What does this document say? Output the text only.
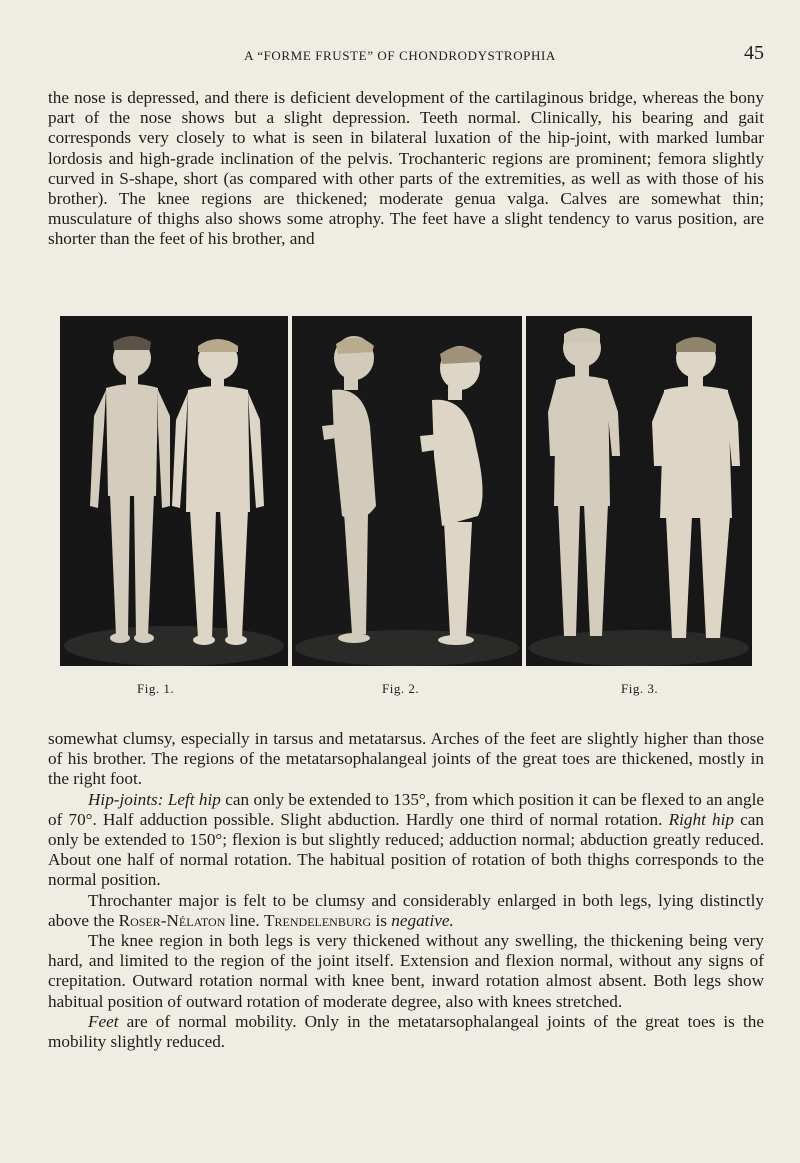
A “FORME FRUSTE” OF CHONDRODYSTROPHIA	45

the nose is depressed, and there is deficient development of the cartilaginous bridge, whereas the bony part of the nose shows but a slight depression. Teeth normal. Clinically, his bearing and gait corresponds very closely to what is seen in bilateral luxation of the hip-joint, with marked lumbar lordosis and high-grade inclination of the pelvis. Trochanteric regions are prominent; femora slightly curved in S-shape, short (as compared with other parts of the extremities, as well as with those of his brother). The knee regions are thickened; moderate genua valga. Calves are somewhat thin; musculature of thighs also shows some atrophy. The feet have a slight tendency to varus position, are shorter than the feet of his brother, and

Fig. 1.	Fig. 2.	Fig. 3.

somewhat clumsy, especially in tarsus and metatarsus. Arches of the feet are slightly higher than those of his brother. The regions of the metatarsophalangeal joints of the great toes are thickened, mostly in the right foot.

Hip-joints: Left hip can only be extended to 135°, from which position it can be flexed to an angle of 70°. Half adduction possible. Slight abduction. Hardly one third of normal rotation. Right hip can only be extended to 150°; flexion is but slightly reduced; adduction normal; abduction greatly reduced. About one half of normal rotation. The habitual position of rotation of both thighs corresponds to the normal position.

Throchanter major is felt to be clumsy and considerably enlarged in both legs, lying distinctly above the Roser-Nélaton line. Trendelenburg is negative.

The knee region in both legs is very thickened without any swelling, the thickening being very hard, and limited to the region of the joint itself. Extension and flexion normal, without any signs of crepitation. Outward rotation normal with knee bent, inward rotation almost absent. Both legs show habitual position of outward rotation of moderate degree, also with knees stretched.

Feet are of normal mobility. Only in the metatarsophalangeal joints of the great toes is the mobility slightly reduced.
